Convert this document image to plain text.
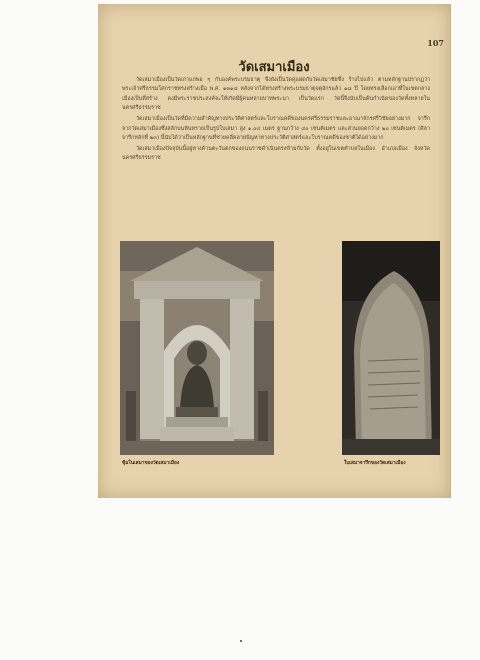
107
วัดเสมาเมือง

วัดเสมาเมืองเป็นวัดเก่าแก่พอ ๆ กับองค์พระบรมธาตุ จึงยังเป็นวัดคู่แฝดกับวัดเสมาชัยซึ่ง ร้างไปแล้ว ตามหลักฐานปรากฏว่าพระเจ้าศรีธรรมโศกราชทรงสร้างเมื่อ พ.ศ. ๑๓๑๘ หลังจากได้ทรงสร้างพระบรมธาตุจตุจักรแล้ว ๑๘ ปี โดยทรงเลือกเอาที่ในเขตกลางเมืองเป็นที่สร้าง คงมีพระราชประสงค์จะให้เกิดมีผู้คนหลายบาทพระนา เป็นวัดแรก วัดนี้จึงนับเป็นต้นกำเนิดของวัดทั้งหลายในนครศรีธรรมราช

วัดเสมาเมืองเป็นวัดที่มีความสำคัญทางประวัติศาสตร์และโบราณคดีของนครศรีธรรมราชและอาณาจักรศรีวิชัยอย่างมาก จารึกจากวัดเสมาเมืองซึ่งสลักบนหินทรายเป็นรูปใบเสมา สูง ๑.๐๔ เมตร ฐานกว้าง ๔๐ เซนติเมตร และส่วนยอดกว้าง ๒๐ เซนติเมตร (ศิลาจารึกหลักที่ ๒๓) นี้นับได้ว่าเป็นหลักฐานที่ช่วยคลี่คลายปัญหาทางประวัติศาสตร์และโบราณคดีของชาติได้อย่างมาก

วัดเสมาเมืองปัจจุบันนี้อยู่ทางด้านตะวันตกของถนนราชดำเนินตรงข้ามกับวัด ตั้งอยู่ในเขตตำบลในเมือง อำเภอเมือง จังหวัดนครศรีธรรมราช

ซุ้มในเสมาของวัดเสมาเมือง	ใบเสมาจารึกของวัดเสมาเมือง
